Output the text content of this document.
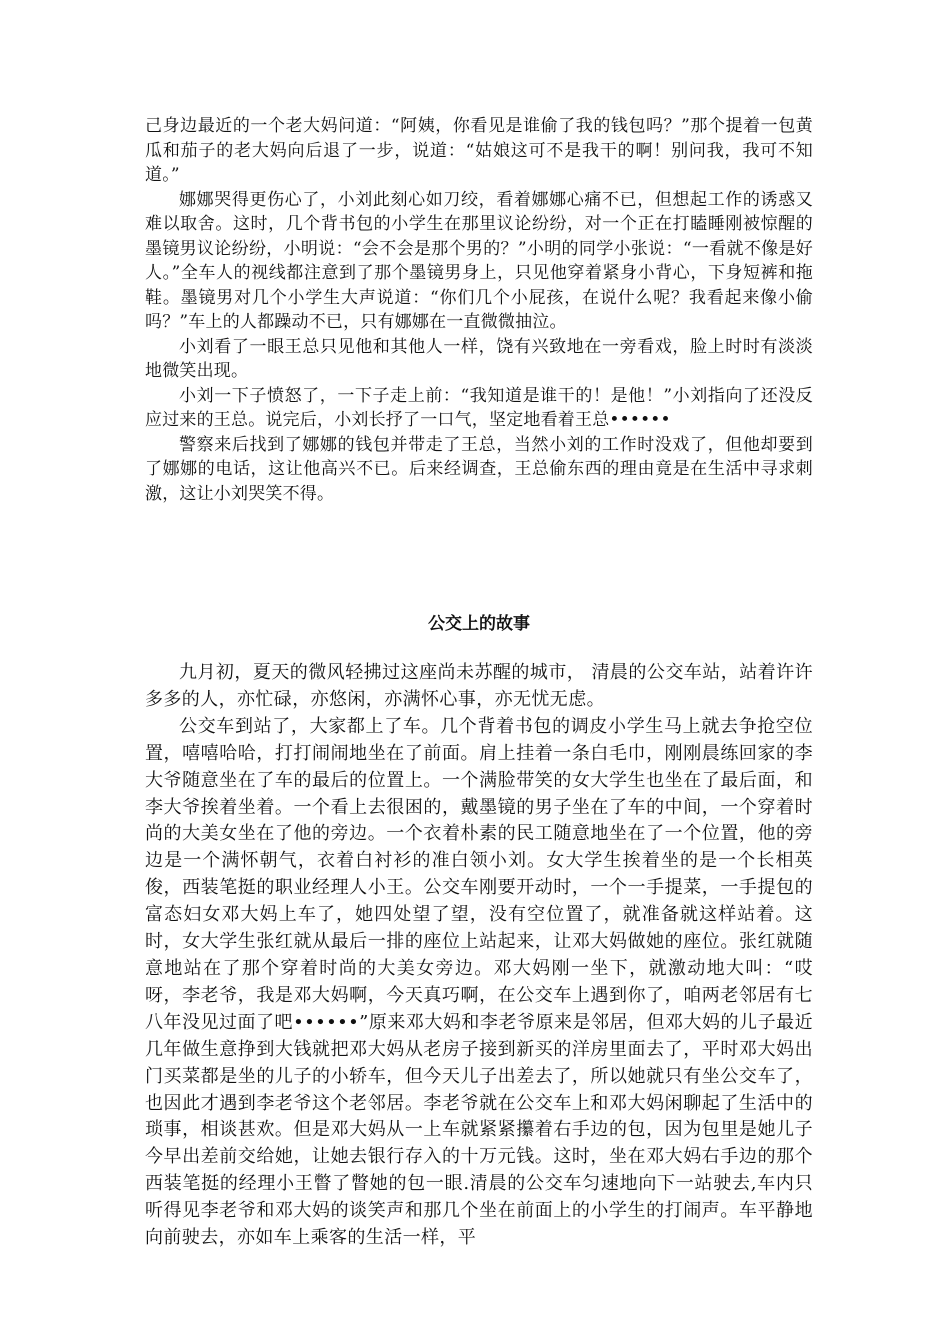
己身边最近的一个老大妈问道：“阿姨，你看见是谁偷了我的钱包吗？”那个提着一包黄瓜和茄子的老大妈向后退了一步，说道：“姑娘这可不是我干的啊！别问我，我可不知道。”

娜娜哭得更伤心了，小刘此刻心如刀绞，看着娜娜心痛不已，但想起工作的诱惑又难以取舍。这时，几个背书包的小学生在那里议论纷纷，对一个正在打瞌睡刚被惊醒的墨镜男议论纷纷，小明说：“会不会是那个男的？”小明的同学小张说：“一看就不像是好人。”全车人的视线都注意到了那个墨镜男身上，只见他穿着紧身小背心，下身短裤和拖鞋。墨镜男对几个小学生大声说道：“你们几个小屁孩，在说什么呢？我看起来像小偷吗？”车上的人都躁动不已，只有娜娜在一直微微抽泣。

小刘看了一眼王总只见他和其他人一样，饶有兴致地在一旁看戏，脸上时时有淡淡地微笑出现。

小刘一下子愤怒了，一下子走上前：“我知道是谁干的！是他！”小刘指向了还没反应过来的王总。说完后，小刘长抒了一口气，坚定地看着王总••••••

警察来后找到了娜娜的钱包并带走了王总，当然小刘的工作时没戏了，但他却要到了娜娜的电话，这让他高兴不已。后来经调查，王总偷东西的理由竟是在生活中寻求刺激，这让小刘哭笑不得。

公交上的故事

九月初，夏天的微风轻拂过这座尚未苏醒的城市， 清晨的公交车站，站着许许多多的人，亦忙碌，亦悠闲，亦满怀心事，亦无忧无虑。

公交车到站了，大家都上了车。几个背着书包的调皮小学生马上就去争抢空位置，嘻嘻哈哈，打打闹闹地坐在了前面。肩上挂着一条白毛巾，刚刚晨练回家的李大爷随意坐在了车的最后的位置上。一个满脸带笑的女大学生也坐在了最后面，和李大爷挨着坐着。一个看上去很困的，戴墨镜的男子坐在了车的中间，一个穿着时尚的大美女坐在了他的旁边。一个衣着朴素的民工随意地坐在了一个位置，他的旁边是一个满怀朝气，衣着白衬衫的准白领小刘。女大学生挨着坐的是一个长相英俊，西装笔挺的职业经理人小王。公交车刚要开动时，一个一手提菜，一手提包的富态妇女邓大妈上车了，她四处望了望，没有空位置了，就准备就这样站着。这时，女大学生张红就从最后一排的座位上站起来，让邓大妈做她的座位。张红就随意地站在了那个穿着时尚的大美女旁边。邓大妈刚一坐下，就激动地大叫：“哎呀，李老爷，我是邓大妈啊，今天真巧啊，在公交车上遇到你了，咱两老邻居有七八年没见过面了吧••••••”原来邓大妈和李老爷原来是邻居，但邓大妈的儿子最近几年做生意挣到大钱就把邓大妈从老房子接到新买的洋房里面去了，平时邓大妈出门买菜都是坐的儿子的小轿车，但今天儿子出差去了，所以她就只有坐公交车了，也因此才遇到李老爷这个老邻居。李老爷就在公交车上和邓大妈闲聊起了生活中的琐事，相谈甚欢。但是邓大妈从一上车就紧紧攥着右手边的包，因为包里是她儿子今早出差前交给她，让她去银行存入的十万元钱。这时，坐在邓大妈右手边的那个西装笔挺的经理小王瞥了瞥她的包一眼.清晨的公交车匀速地向下一站驶去,车内只听得见李老爷和邓大妈的谈笑声和那几个坐在前面上的小学生的打闹声。车平静地向前驶去，亦如车上乘客的生活一样，平
